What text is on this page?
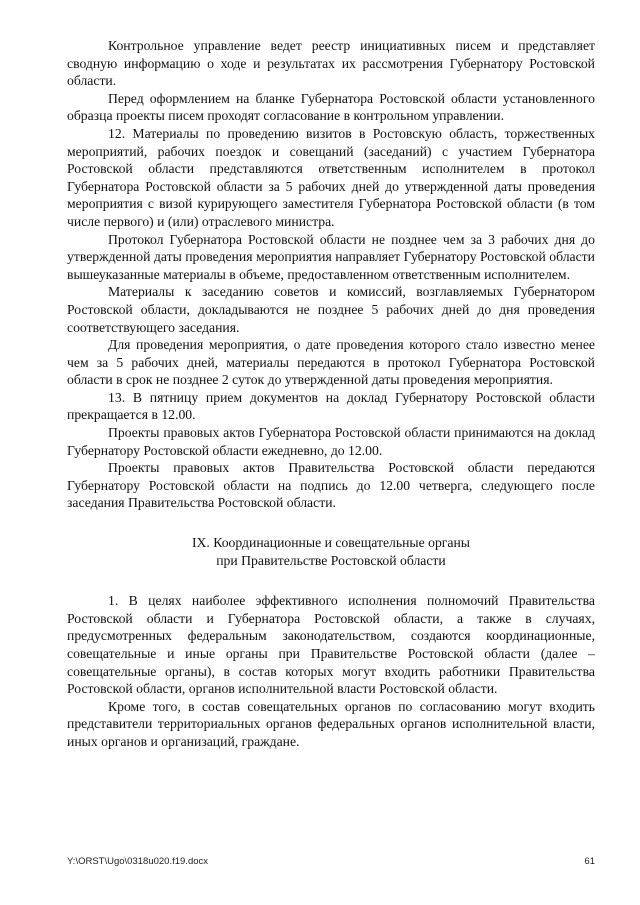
Контрольное управление ведет реестр инициативных писем и представляет сводную информацию о ходе и результатах их рассмотрения Губернатору Ростовской области.

Перед оформлением на бланке Губернатора Ростовской области установленного образца проекты писем проходят согласование в контрольном управлении.

12. Материалы по проведению визитов в Ростовскую область, торжественных мероприятий, рабочих поездок и совещаний (заседаний) с участием Губернатора Ростовской области представляются ответственным исполнителем в протокол Губернатора Ростовской области за 5 рабочих дней до утвержденной даты проведения мероприятия с визой курирующего заместителя Губернатора Ростовской области (в том числе первого) и (или) отраслевого министра.

Протокол Губернатора Ростовской области не позднее чем за 3 рабочих дня до утвержденной даты проведения мероприятия направляет Губернатору Ростовской области вышеуказанные материалы в объеме, предоставленном ответственным исполнителем.

Материалы к заседанию советов и комиссий, возглавляемых Губернатором Ростовской области, докладываются не позднее 5 рабочих дней до дня проведения соответствующего заседания.

Для проведения мероприятия, о дате проведения которого стало известно менее чем за 5 рабочих дней, материалы передаются в протокол Губернатора Ростовской области в срок не позднее 2 суток до утвержденной даты проведения мероприятия.

13. В пятницу прием документов на доклад Губернатору Ростовской области прекращается в 12.00.

Проекты правовых актов Губернатора Ростовской области принимаются на доклад Губернатору Ростовской области ежедневно, до 12.00.

Проекты правовых актов Правительства Ростовской области передаются Губернатору Ростовской области на подпись до 12.00 четверга, следующего после заседания Правительства Ростовской области.

IX. Координационные и совещательные органы
при Правительстве Ростовской области

1. В целях наиболее эффективного исполнения полномочий Правительства Ростовской области и Губернатора Ростовской области, а также в случаях, предусмотренных федеральным законодательством, создаются координационные, совещательные и иные органы при Правительстве Ростовской области (далее – совещательные органы), в состав которых могут входить работники Правительства Ростовской области, органов исполнительной власти Ростовской области.

Кроме того, в состав совещательных органов по согласованию могут входить представители территориальных органов федеральных органов исполнительной власти, иных органов и организаций, граждане.

Y:\ORST\Ugo\0318u020.f19.docx	61
